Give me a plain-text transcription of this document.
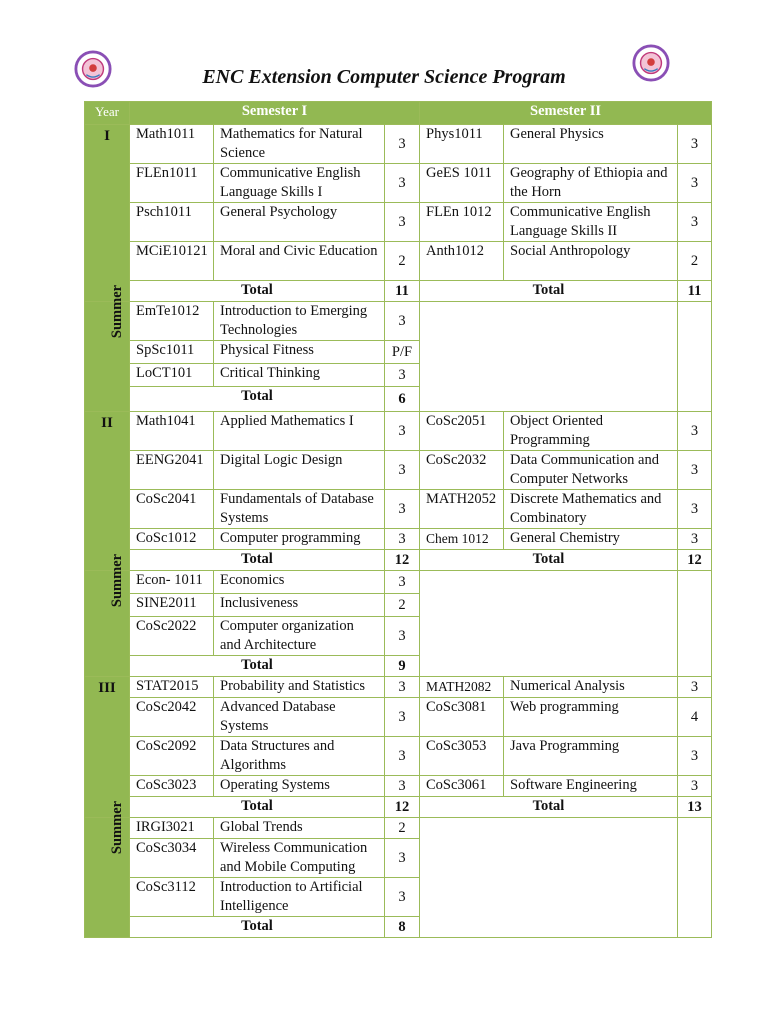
ENC Extension Computer Science Program
Year	Semester I			Semester II		

I	Math1011	Mathematics for Natural Science	3	Phys1011	General Physics	3
	FLEn1011	Communicative English Language Skills I	3	GeES 1011	Geography of Ethiopia and the Horn	3
	Psch1011	General Psychology	3	FLEn 1012	Communicative English Language Skills II	3
	MCiE10121	Moral and Civic Education	2	Anth1012	Social Anthropology	2
	Total		11	Total		11
Summer	EmTe1012	Introduction to Emerging Technologies	3			
	SpSc1011	Physical Fitness	P/F			
	LoCT101	Critical Thinking	3			
	Total		6			

II	Math1041	Applied Mathematics I	3	CoSc2051	Object Oriented Programming	3
	EENG2041	Digital Logic Design	3	CoSc2032	Data Communication and Computer Networks	3
	CoSc2041	Fundamentals of Database Systems	3	MATH2052	Discrete Mathematics and Combinatory	3
	CoSc1012	Computer programming	3	Chem 1012	General Chemistry	3
	Total		12	Total		12
Summer	Econ- 1011	Economics	3			
	SINE2011	Inclusiveness	2			
	CoSc2022	Computer organization and Architecture	3			
	Total		9			

III	STAT2015	Probability and Statistics	3	MATH2082	Numerical Analysis	3
	CoSc2042	Advanced Database Systems	3	CoSc3081	Web programming	4
	CoSc2092	Data Structures and Algorithms	3	CoSc3053	Java Programming	3
	CoSc3023	Operating Systems	3	CoSc3061	Software Engineering	3
	Total		12	Total		13
Summer	IRGI3021	Global Trends	2			
	CoSc3034	Wireless Communication and Mobile Computing	3			
	CoSc3112	Introduction to Artificial Intelligence	3			
	Total		8			
